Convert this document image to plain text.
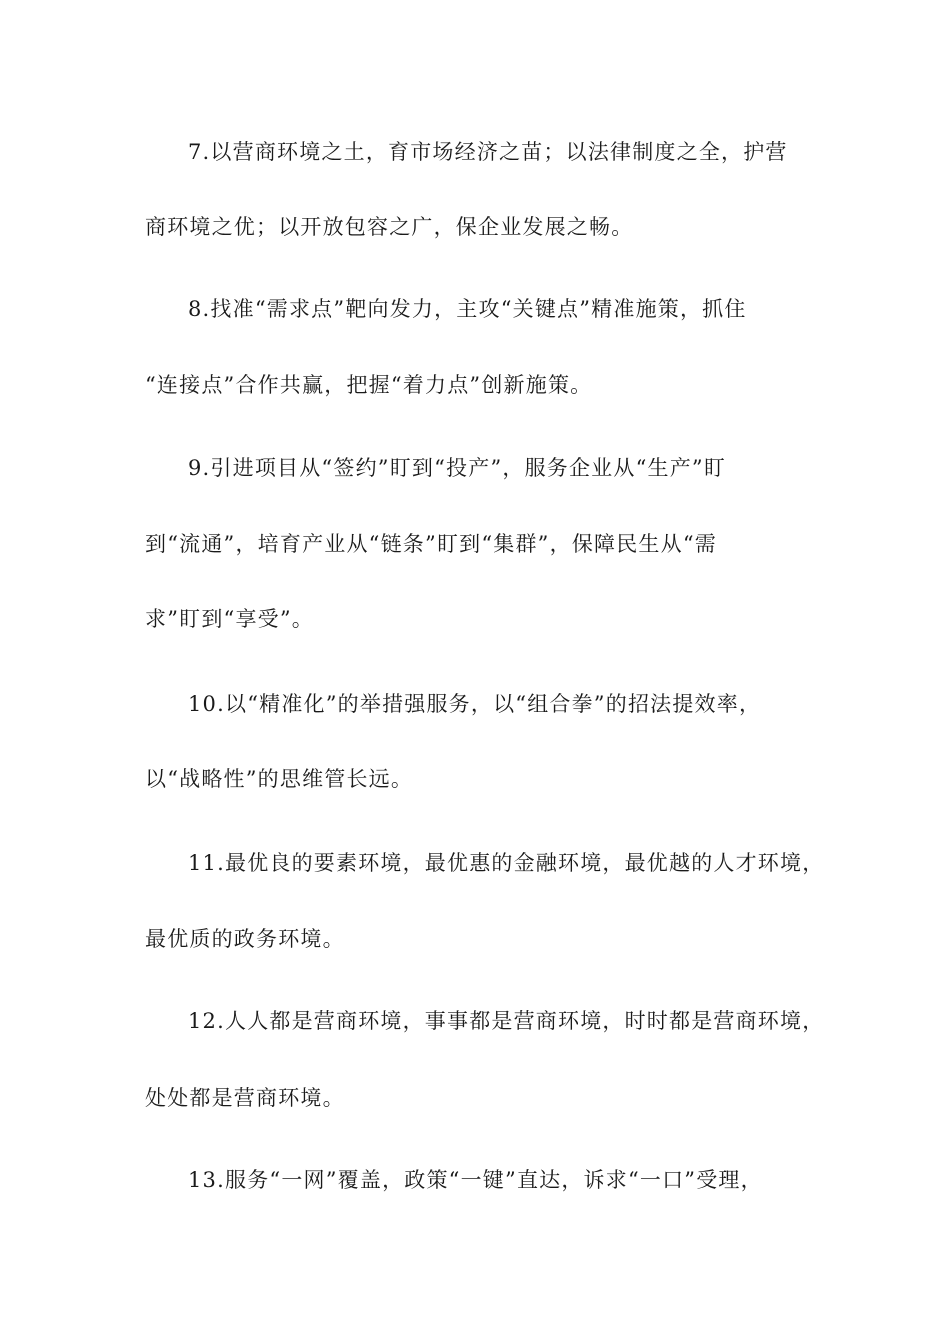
7.以营商环境之土，育市场经济之苗；以法律制度之全，护营
商环境之优；以开放包容之广，保企业发展之畅。
8.找准“需求点”靶向发力，主攻“关键点”精准施策，抓住
“连接点”合作共赢，把握“着力点”创新施策。
9.引进项目从“签约”盯到“投产”，服务企业从“生产”盯
到“流通”，培育产业从“链条”盯到“集群”，保障民生从“需
求”盯到“享受”。
10.以“精准化”的举措强服务，以“组合拳”的招法提效率，
以“战略性”的思维管长远。
11.最优良的要素环境，最优惠的金融环境，最优越的人才环境，
最优质的政务环境。
12.人人都是营商环境，事事都是营商环境，时时都是营商环境，
处处都是营商环境。
13.服务“一网”覆盖，政策“一键”直达，诉求“一口”受理，
